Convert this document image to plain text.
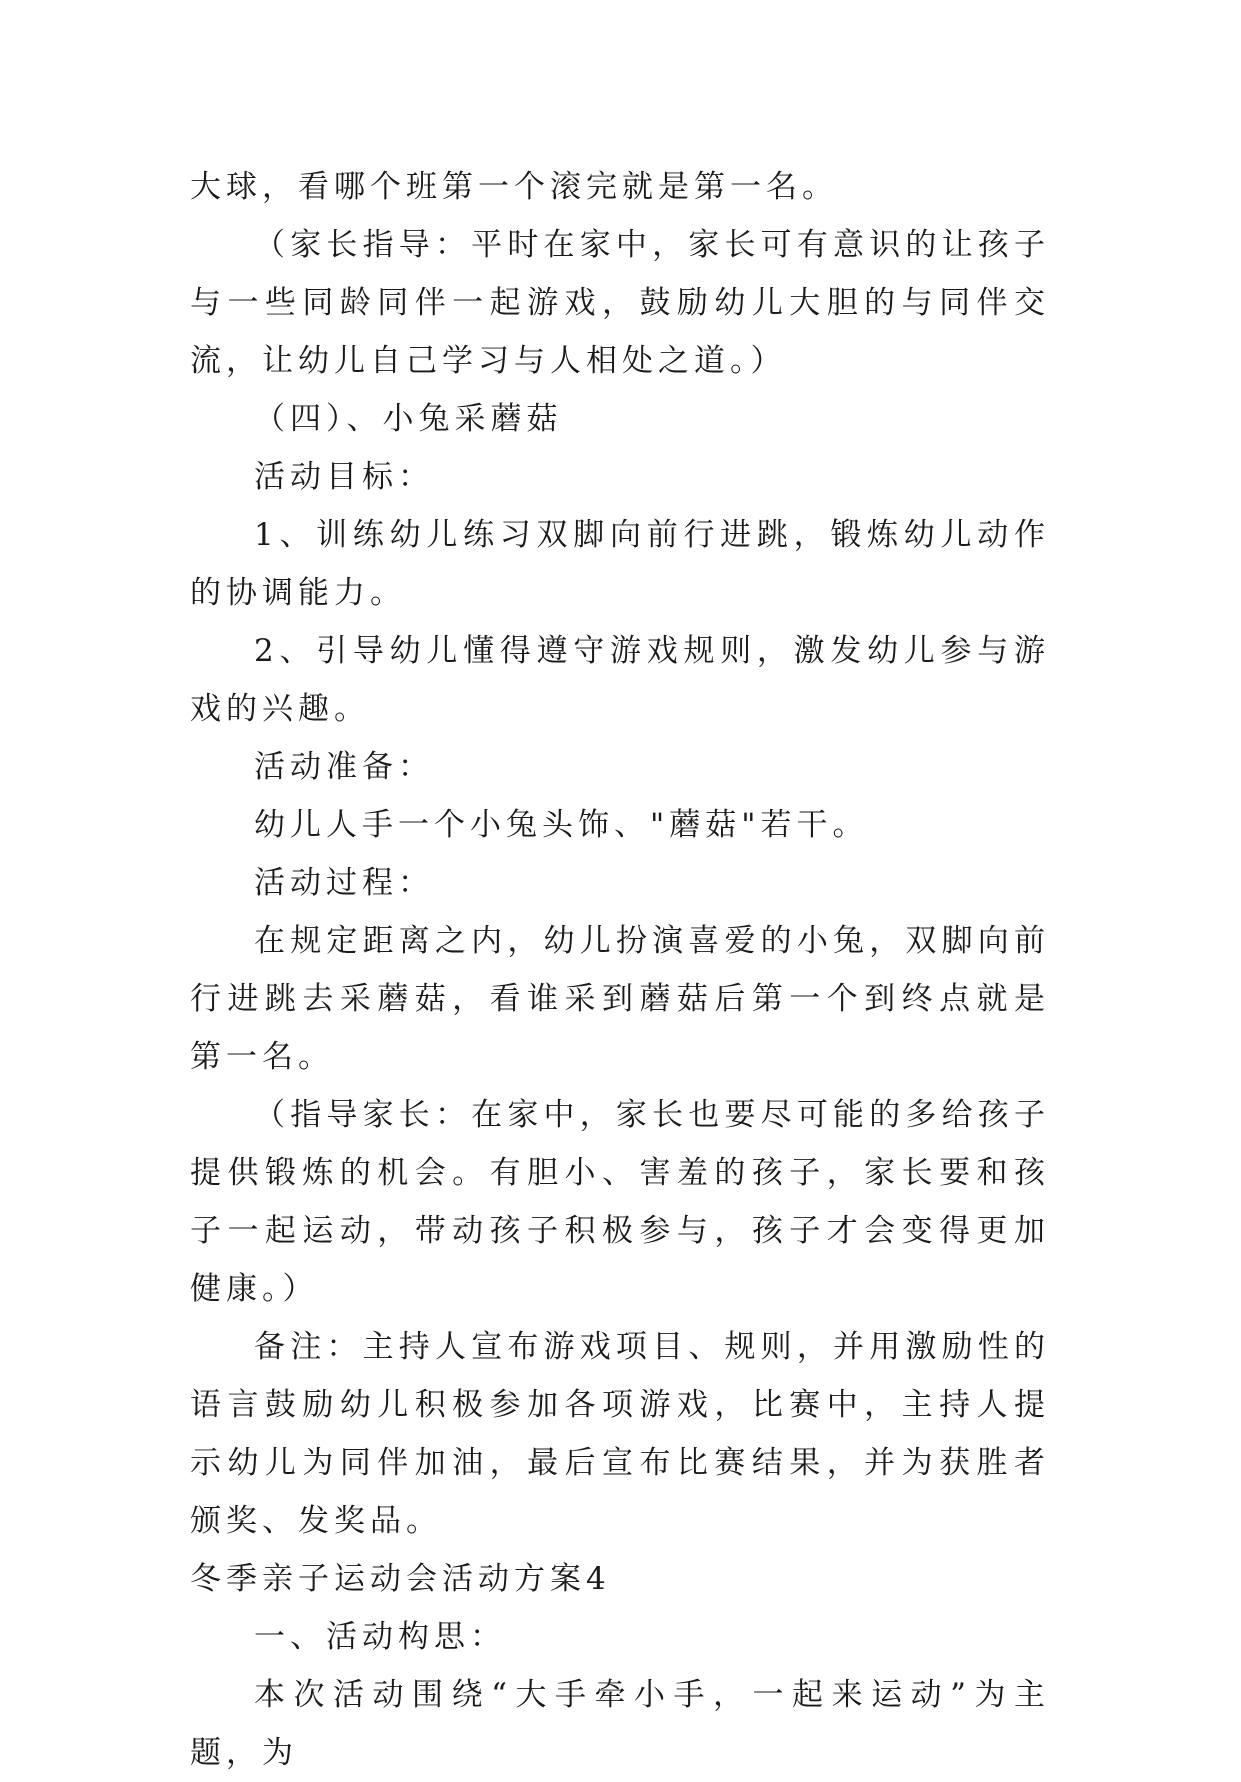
大球，看哪个班第一个滚完就是第一名。

（家长指导：平时在家中，家长可有意识的让孩子与一些同龄同伴一起游戏，鼓励幼儿大胆的与同伴交流，让幼儿自己学习与人相处之道。）

（四）、小兔采蘑菇

活动目标：

1、训练幼儿练习双脚向前行进跳，锻炼幼儿动作的协调能力。

2、引导幼儿懂得遵守游戏规则，激发幼儿参与游戏的兴趣。

活动准备：

幼儿人手一个小兔头饰、"蘑菇"若干。

活动过程：

在规定距离之内，幼儿扮演喜爱的小兔，双脚向前行进跳去采蘑菇，看谁采到蘑菇后第一个到终点就是第一名。

（指导家长：在家中，家长也要尽可能的多给孩子提供锻炼的机会。有胆小、害羞的孩子，家长要和孩子一起运动，带动孩子积极参与，孩子才会变得更加健康。）

备注：主持人宣布游戏项目、规则，并用激励性的语言鼓励幼儿积极参加各项游戏，比赛中，主持人提示幼儿为同伴加油，最后宣布比赛结果，并为获胜者颁奖、发奖品。

冬季亲子运动会活动方案4

一、活动构思：

本次活动围绕“大手牵小手，一起来运动”为主题，为
